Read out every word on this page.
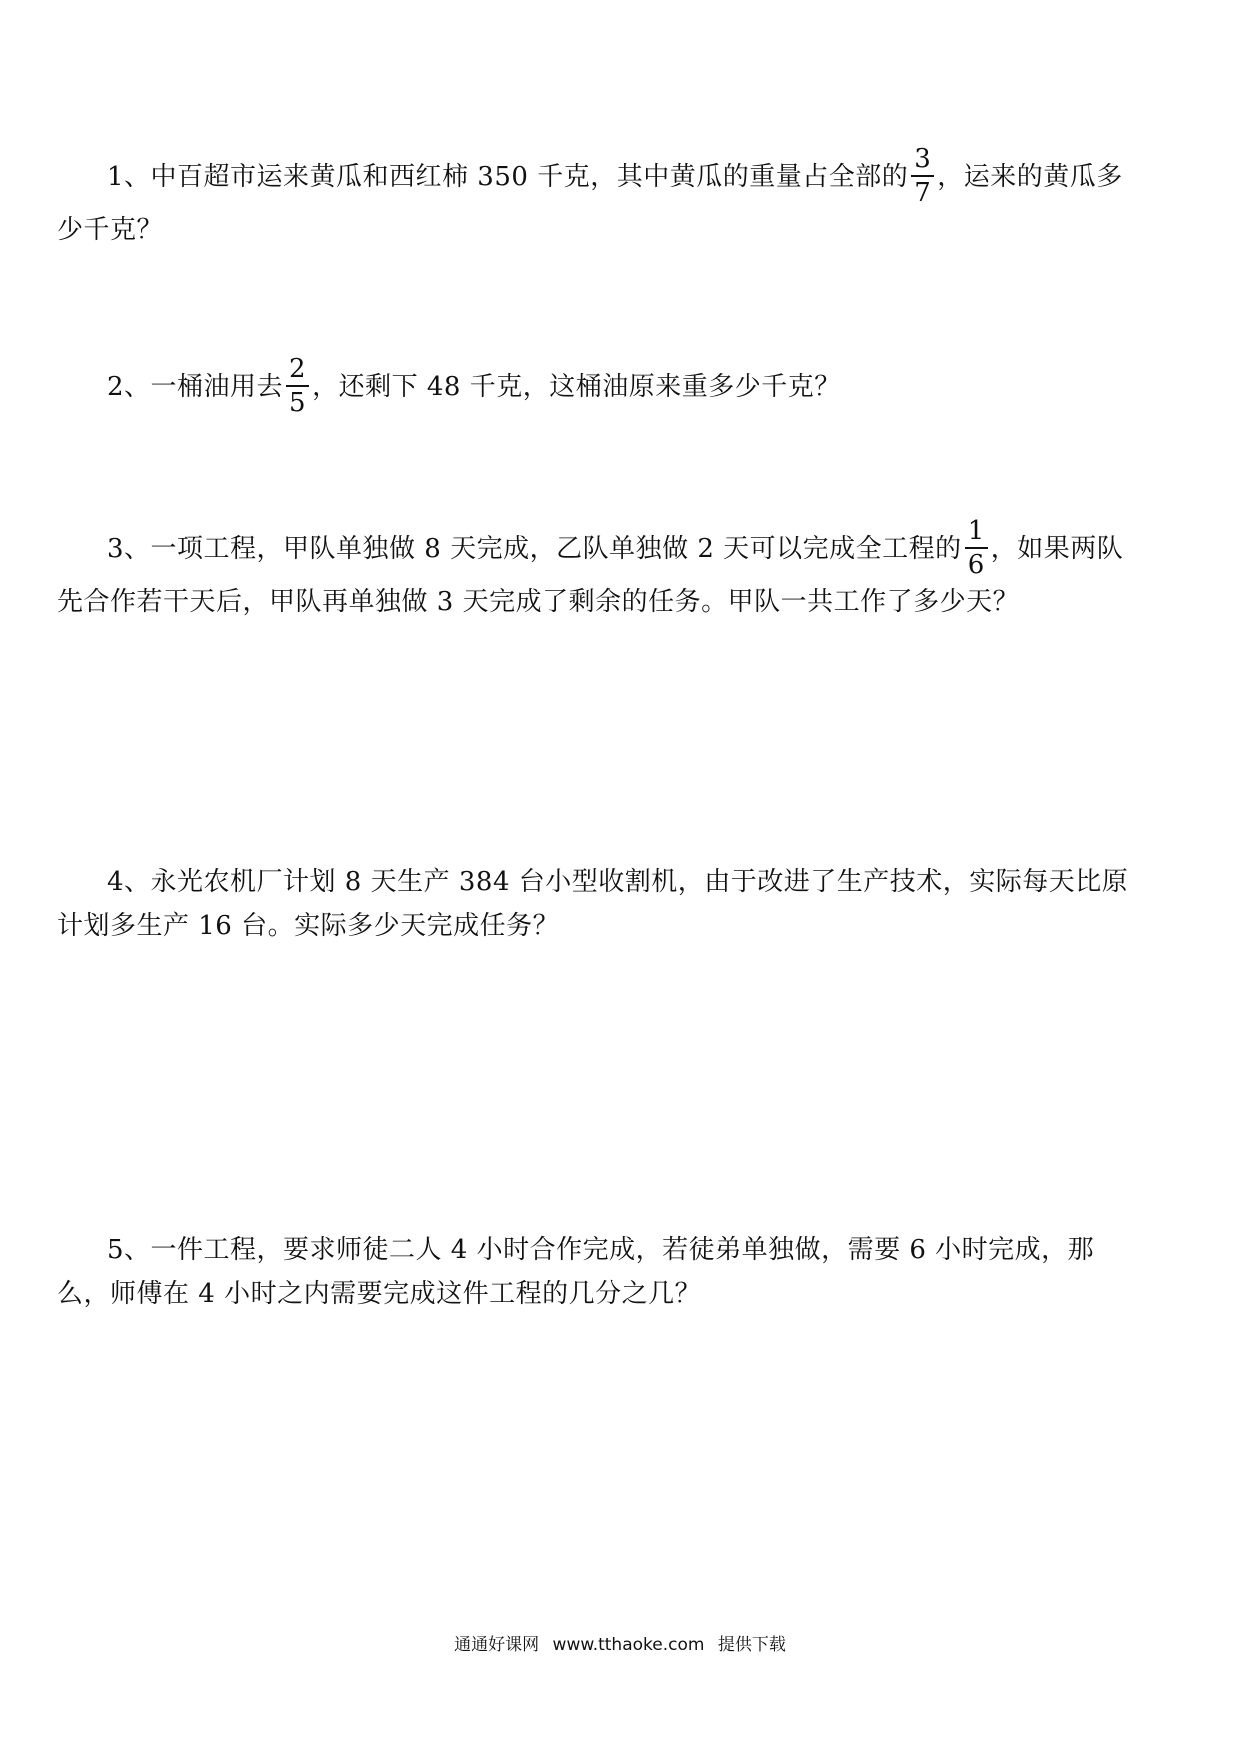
1、中百超市运来黄瓜和西红柿 350 千克，其中黄瓜的重量占全部的 $\frac{3}{7}$ ，运来的黄瓜多少千克？
2、一桶油用去 $\frac{2}{5}$ ，还剩下 48 千克，这桶油原来重多少千克？
3、一项工程，甲队单独做 8 天完成，乙队单独做 2 天可以完成全工程的 $\frac{1}{6}$ ，如果两队先合作若干天后，甲队再单独做 3 天完成了剩余的任务。甲队一共工作了多少天？
4、永光农机厂计划 8 天生产 384 台小型收割机，由于改进了生产技术，实际每天比原计划多生产 16 台。实际多少天完成任务？
5、一件工程，要求师徒二人 4 小时合作完成，若徒弟单独做，需要 6 小时完成，那么，师傅在 4 小时之内需要完成这件工程的几分之几？
通通好课网 www.tthaoke.com 提供下载
